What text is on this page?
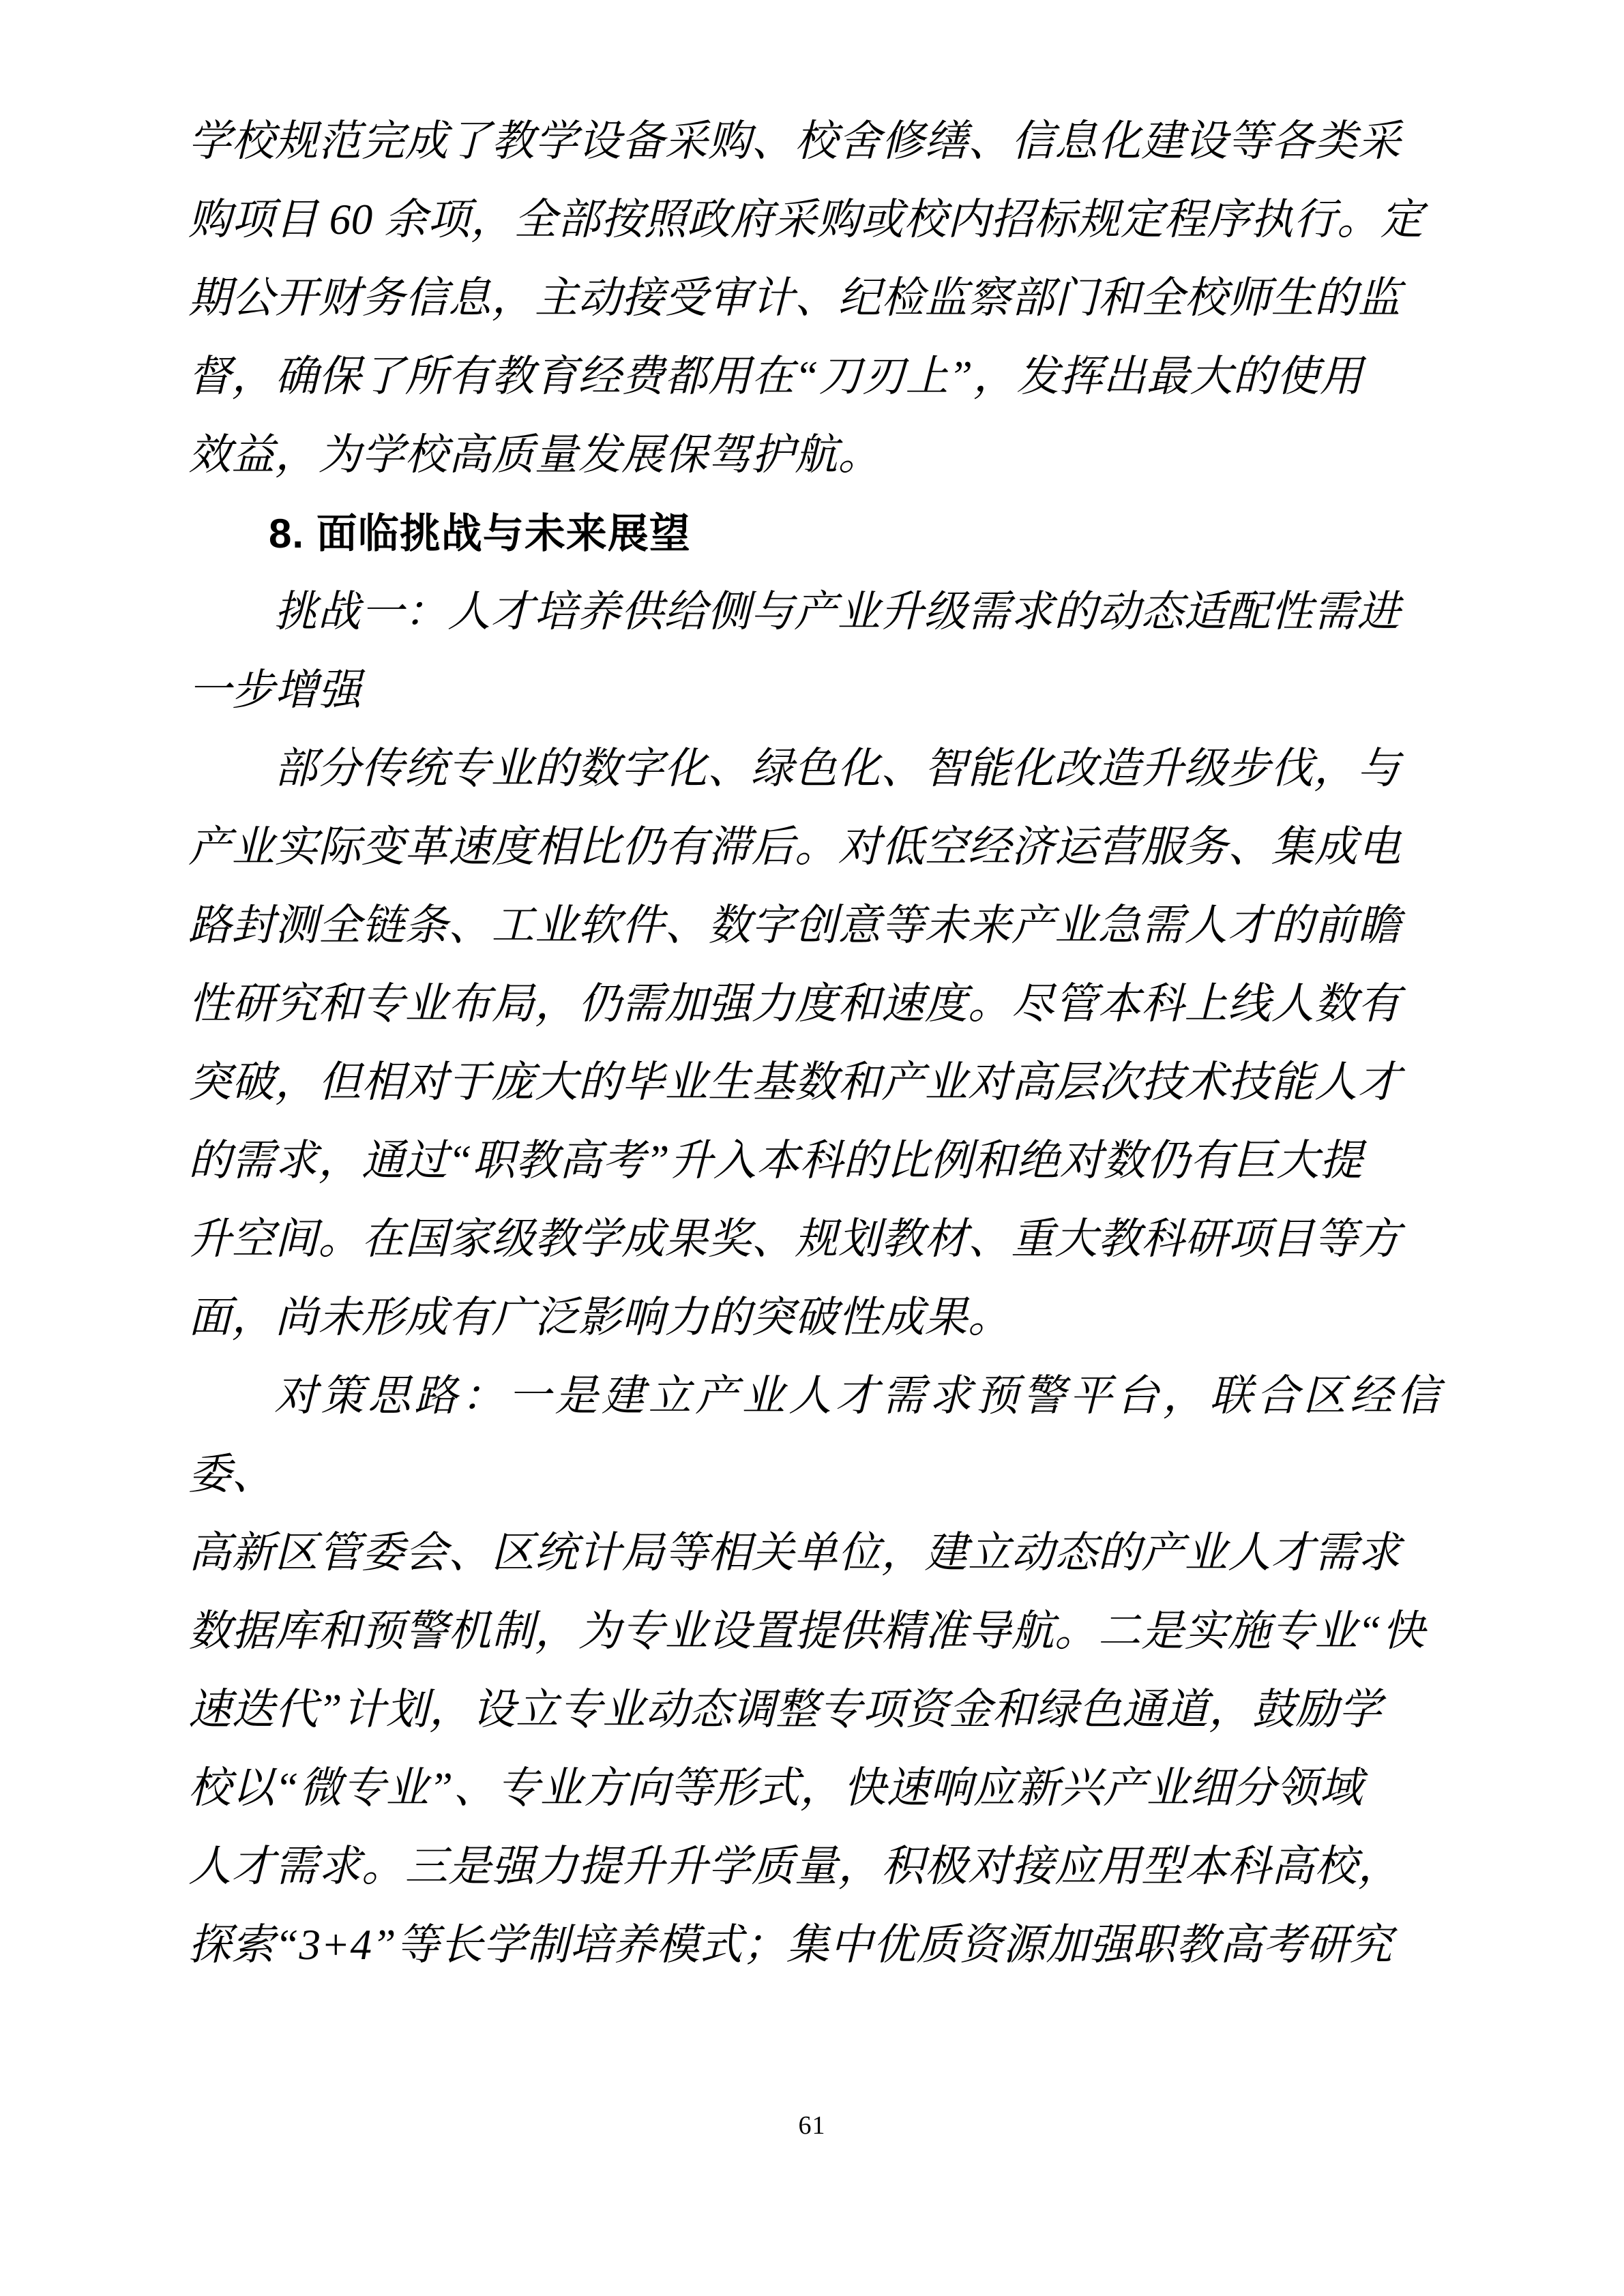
学校规范完成了教学设备采购、校舍修缮、信息化建设等各类采

购项目 60 余项，全部按照政府采购或校内招标规定程序执行。定

期公开财务信息，主动接受审计、纪检监察部门和全校师生的监

督，确保了所有教育经费都用在“刀刃上”，发挥出最大的使用

效益，为学校高质量发展保驾护航。

8. 面临挑战与未来展望

挑战一：人才培养供给侧与产业升级需求的动态适配性需进

一步增强

部分传统专业的数字化、绿色化、智能化改造升级步伐，与

产业实际变革速度相比仍有滞后。对低空经济运营服务、集成电

路封测全链条、工业软件、数字创意等未来产业急需人才的前瞻

性研究和专业布局，仍需加强力度和速度。尽管本科上线人数有

突破，但相对于庞大的毕业生基数和产业对高层次技术技能人才

的需求，通过“职教高考”升入本科的比例和绝对数仍有巨大提

升空间。在国家级教学成果奖、规划教材、重大教科研项目等方

面，尚未形成有广泛影响力的突破性成果。

对策思路：一是建立产业人才需求预警平台，联合区经信委、

高新区管委会、区统计局等相关单位，建立动态的产业人才需求

数据库和预警机制，为专业设置提供精准导航。二是实施专业“快

速迭代”计划，设立专业动态调整专项资金和绿色通道，鼓励学

校以“微专业”、专业方向等形式，快速响应新兴产业细分领域

人才需求。三是强力提升升学质量，积极对接应用型本科高校，

探索“3+4”等长学制培养模式；集中优质资源加强职教高考研究

61
